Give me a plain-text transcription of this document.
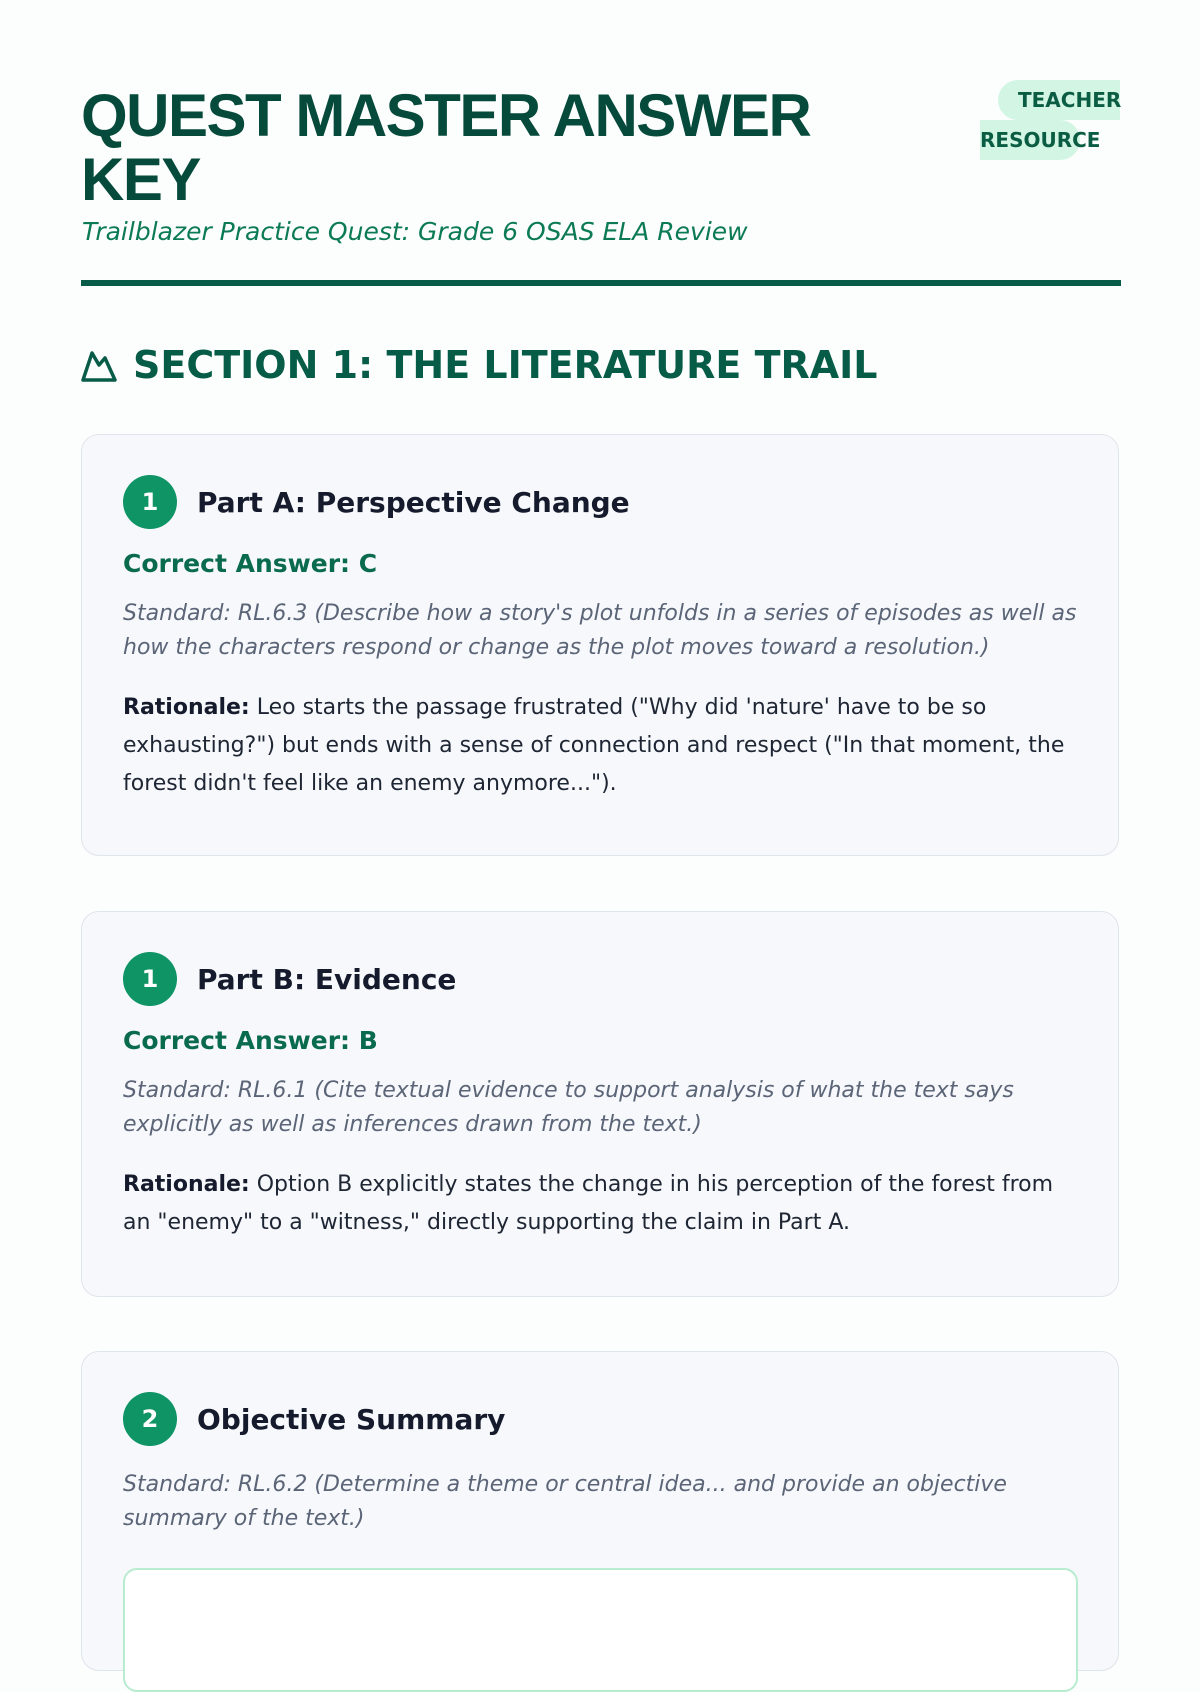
QUEST MASTER ANSWER KEY
TEACHER
RESOURCE

Trailblazer Practice Quest: Grade 6 OSAS ELA Review

SECTION 1: THE LITERATURE TRAIL
1	Part A: Perspective Change
Correct Answer: C
Standard: RL.6.3 (Describe how a story's plot unfolds in a series of episodes as well as how the characters respond or change as the plot moves toward a resolution.)
Rationale: Leo starts the passage frustrated ("Why did 'nature' have to be so exhausting?") but ends with a sense of connection and respect ("In that moment, the forest didn't feel like an enemy anymore...").
1	Part B: Evidence
Correct Answer: B
Standard: RL.6.1 (Cite textual evidence to support analysis of what the text says explicitly as well as inferences drawn from the text.)
Rationale: Option B explicitly states the change in his perception of the forest from an "enemy" to a "witness," directly supporting the claim in Part A.
2	Objective Summary
Standard: RL.6.2 (Determine a theme or central idea... and provide an objective summary of the text.)
